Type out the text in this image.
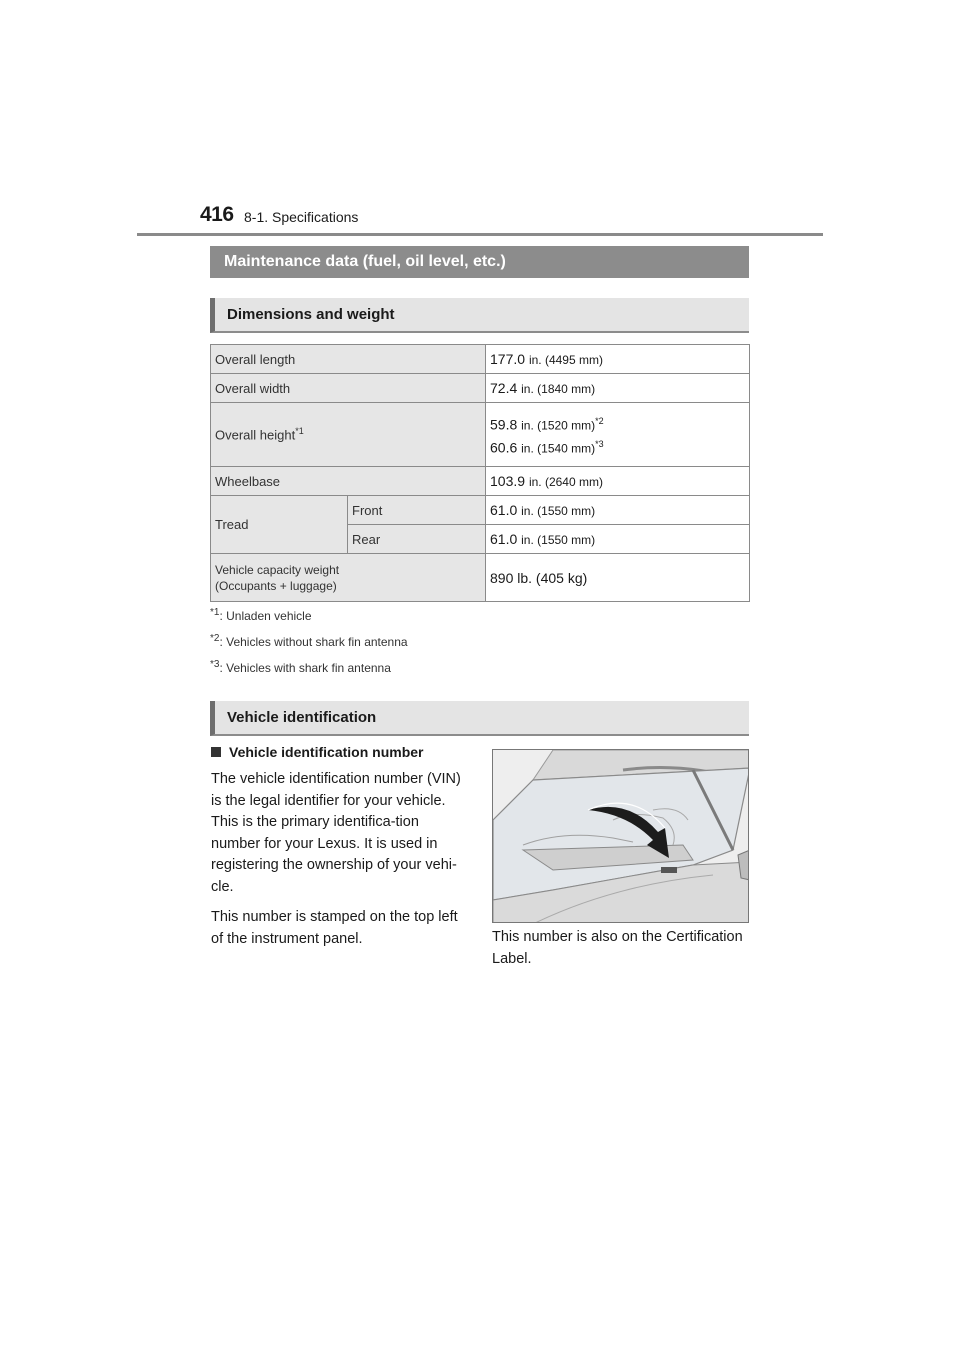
416 8-1. Specifications
Maintenance data (fuel, oil level, etc.)
Dimensions and weight
Overall length		177.0 in. (4495 mm)
Overall width		72.4 in. (1840 mm)
Overall height$^{*1}$		59.8 in. (1520 mm)$^{*2}$
60.6 in. (1540 mm)$^{*3}$

Wheelbase		103.9 in. (2640 mm)
Tread	Front	61.0 in. (1550 mm)
	Rear	61.0 in. (1550 mm)

Vehicle capacity weight
(Occupants + luggage)		890 lb. (405 kg)
$^{*1}$: Unladen vehicle
$^{*2}$: Vehicles without shark fin antenna
$^{*3}$: Vehicles with shark fin antenna
Vehicle identification
Vehicle identification number
The vehicle identification number (VIN) is the legal identifier for your vehicle. This is the primary identifica-tion number for your Lexus. It is used in registering the ownership of your vehi-cle.
This number is stamped on the top left of the instrument panel.	This number is also on the Certification Label.
